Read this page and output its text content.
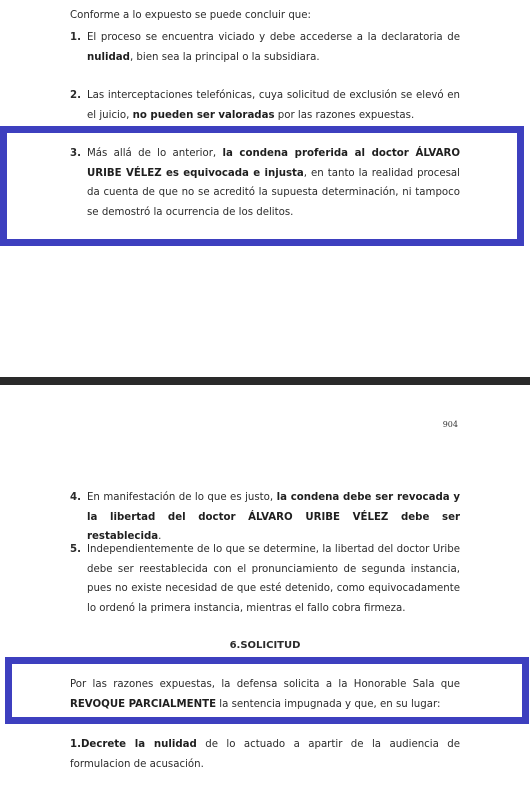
Conforme a lo expuesto se puede concluir que:
1. El proceso se encuentra viciado y debe accederse a la declaratoria de nulidad, bien sea la principal o la subsidiara.
2. Las interceptaciones telefónicas, cuya solicitud de exclusión se elevó en el juicio, no pueden ser valoradas por las razones expuestas.
3. Más allá de lo anterior, la condena proferida al doctor ÁLVARO URIBE VÉLEZ es equivocada e injusta, en tanto la realidad procesal da cuenta de que no se acreditó la supuesta determinación, ni tampoco se demostró la ocurrencia de los delitos.
904
4. En manifestación de lo que es justo, la condena debe ser revocada y la libertad del doctor ÁLVARO URIBE VÉLEZ debe ser restablecida.
5. Independientemente de lo que se determine, la libertad del doctor Uribe debe ser reestablecida con el pronunciamiento de segunda instancia, pues no existe necesidad de que esté detenido, como equivocadamente lo ordenó la primera instancia, mientras el fallo cobra firmeza.
6.SOLICITUD
Por las razones expuestas, la defensa solicita a la Honorable Sala que REVOQUE PARCIALMENTE la sentencia impugnada y que, en su lugar:
1.Decrete la nulidad de lo actuado a apartir de la audiencia de formulacion de acusación.
